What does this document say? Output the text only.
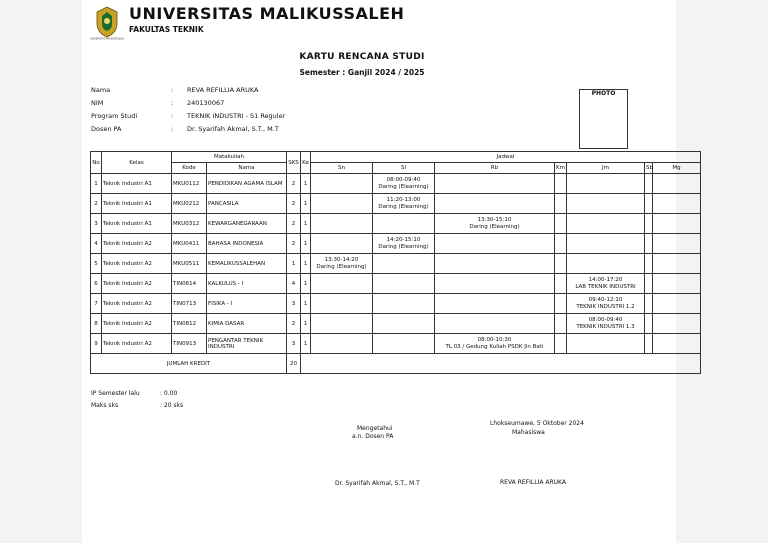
UNIVERSITAS MALIKUSSALEH
UNIVERSITAS MALIKUSSALEH
FAKULTAS TEKNIK
KARTU RENCANA STUDI
Semester : Ganjil 2024 / 2025
Nama	: REVA REFILLIA ARUKA
NIM	: 240130067
Program Studi	: TEKNIK INDUSTRI - S1 Reguler
Dosen PA	: Dr. Syarifah Akmal, S.T., M.T
PHOTO
No	Kelas	Matakuliah		SKS	Ke	Jadwal						
		Kode	Nama			Sn	Sl	Rb	Km	Jm	Sb	Mg
1	Teknik Industri A1	MKU0112	PENDIDIKAN AGAMA ISLAM	2	1		08:00-09:40
Daring (Elearning)					

2	Teknik Industri A1	MKU0212	PANCASILA	2	1		11:20-13:00
Daring (Elearning)					

3	Teknik Industri A1	MKU0312	KEWARGANEGARAAN	2	1			13:30-15:10
Daring (Elearning)				

4	Teknik Industri A2	MKU0411	BAHASA INDONESIA	2	1		14:20-15:10
Daring (Elearning)					

5	Teknik Industri A2	MKU0511	KEMALIKUSSALEHAN	1	1	13:30-14:20
Daring (Elearning)						

6	Teknik Industri A2	TIN0614	KALKULUS - I	4	1					14:00-17:20
LAB TEKNIK INDUSTRI		

7	Teknik Industri A2	TIN0713	FISIKA - I	3	1					09:40-12:10
TEKNIK INDUSTRI 1.2		

8	Teknik Industri A2	TIN0812	KIMIA DASAR	2	1					08:00-09:40
TEKNIK INDUSTRI 1.3		

9	Teknik Industri A2	TIN0913	PENGANTAR TEKNIK INDUSTRI	3	1			08:00-10:30
TL.03 / Gedung Kuliah PSDK Jln Bati				

JUMLAH KREDIT				20								
IP Semester lalu	: 0.00
Maks sks	: 20 sks
Mengetahui
a.n. Dosen PA
Lhokseumawe, 5 Oktober 2024
Mahasiswa
Dr. Syarifah Akmal, S.T., M.T	REVA REFILLIA ARUKA
